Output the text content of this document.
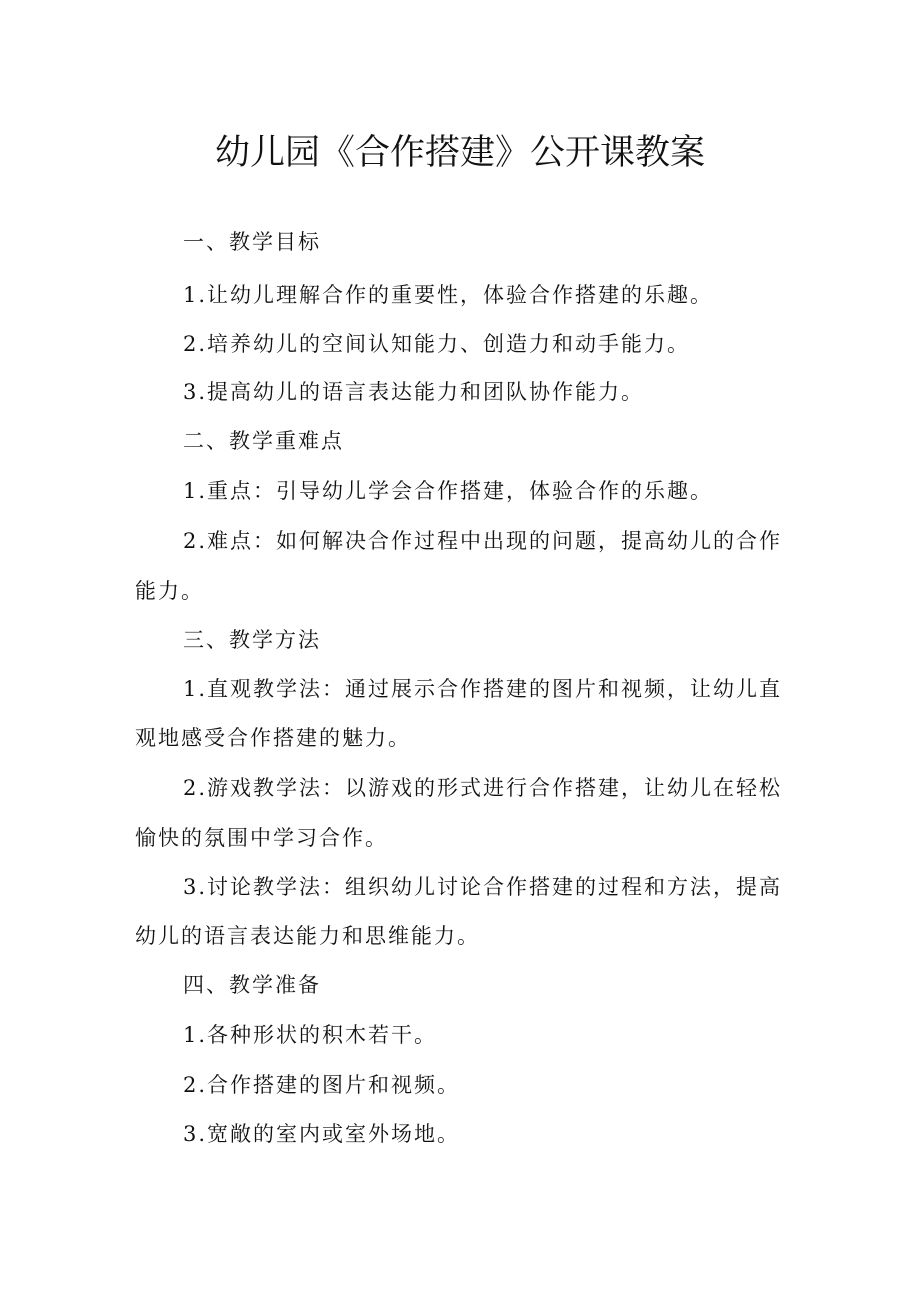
幼儿园《合作搭建》公开课教案

一、教学目标

1.让幼儿理解合作的重要性，体验合作搭建的乐趣。

2.培养幼儿的空间认知能力、创造力和动手能力。

3.提高幼儿的语言表达能力和团队协作能力。

二、教学重难点

1.重点：引导幼儿学会合作搭建，体验合作的乐趣。

2.难点：如何解决合作过程中出现的问题，提高幼儿的合作

能力。

三、教学方法

1.直观教学法：通过展示合作搭建的图片和视频，让幼儿直

观地感受合作搭建的魅力。

2.游戏教学法：以游戏的形式进行合作搭建，让幼儿在轻松

愉快的氛围中学习合作。

3.讨论教学法：组织幼儿讨论合作搭建的过程和方法，提高

幼儿的语言表达能力和思维能力。

四、教学准备

1.各种形状的积木若干。

2.合作搭建的图片和视频。

3.宽敞的室内或室外场地。
